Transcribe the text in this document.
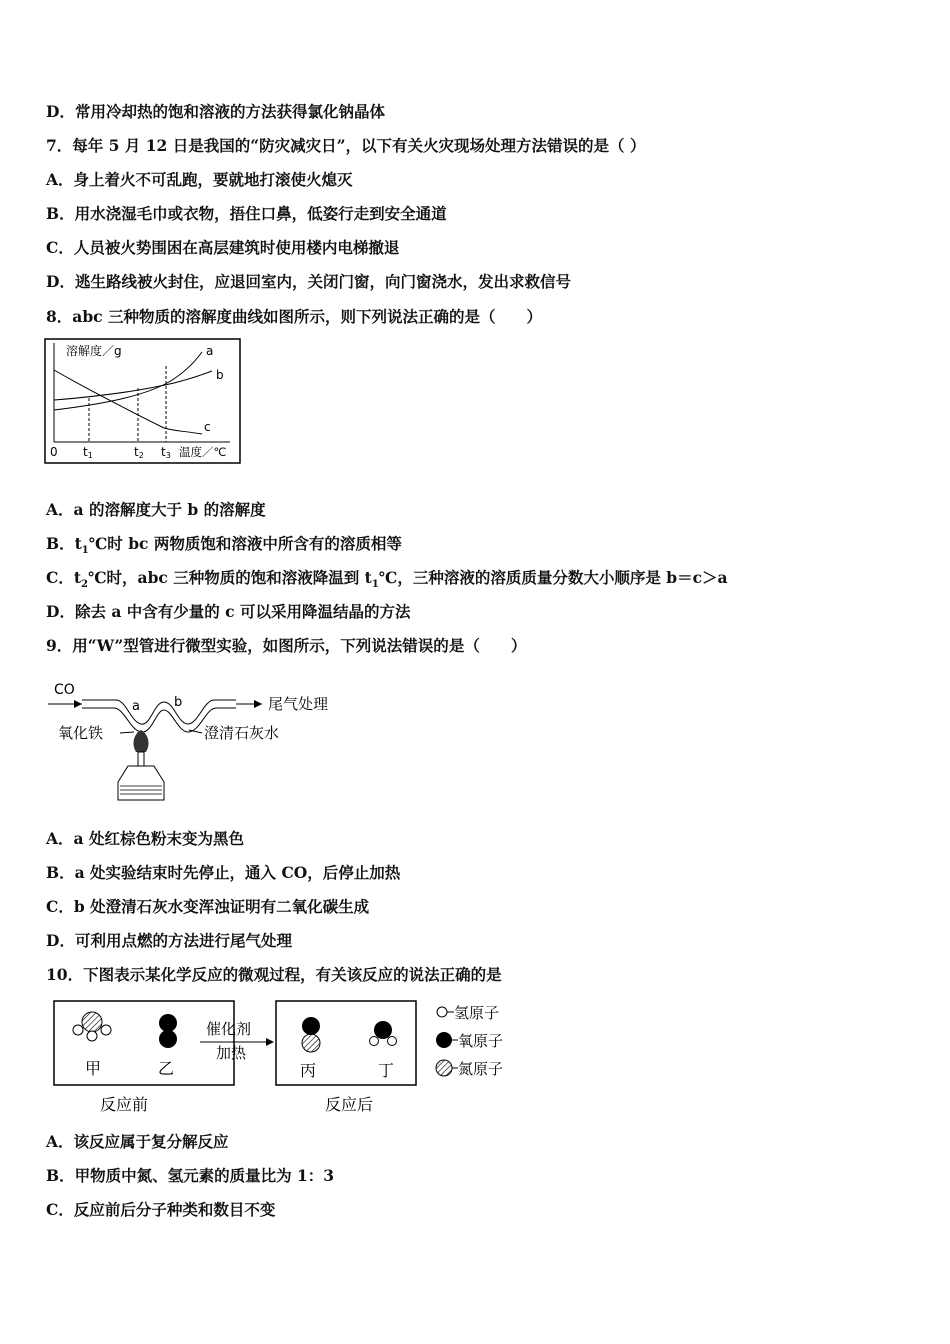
D．常用冷却热的饱和溶液的方法获得氯化钠晶体
7．每年 5 月 12 日是我国的“防灾减灾日”，以下有关火灾现场处理方法错误的是（ ）
A．身上着火不可乱跑，要就地打滚使火熄灭
B．用水浇湿毛巾或衣物，捂住口鼻，低姿行走到安全通道
C．人员被火势围困在高层建筑时使用楼内电梯撤退
D．逃生路线被火封住，应退回室内，关闭门窗，向门窗浇水，发出求救信号
8．abc 三种物质的溶解度曲线如图所示，则下列说法正确的是（　　）
溶解度／g	a
b
c
0 t1	t2 t3 温度／℃
A．a 的溶解度大于 b 的溶解度
B．$t_1℃$时 bc 两物质饱和溶液中所含有的溶质相等
C．$t_2℃$时，abc 三种物质的饱和溶液降温到 $t_1℃$，三种溶液的溶质质量分数大小顺序是 b＝c＞a
D．除去 a 中含有少量的 c 可以采用降温结晶的方法
9．用“W”型管进行微型实验，如图所示，下列说法错误的是（　　）
CO
a	b	尾气处理
氧化铁	澄清石灰水
A．a 处红棕色粉末变为黑色
B．a 处实验结束时先停止，通入 CO，后停止加热
C．b 处澄清石灰水变浑浊证明有二氧化碳生成
D．可利用点燃的方法进行尾气处理
10．下图表示某化学反应的微观过程，有关该反应的说法正确的是
甲	乙
催化剂
加热
丙	丁
反应前	反应后
氢原子
氧原子
氮原子
A．该反应属于复分解反应
B．甲物质中氮、氢元素的质量比为 1：3
C．反应前后分子种类和数目不变
